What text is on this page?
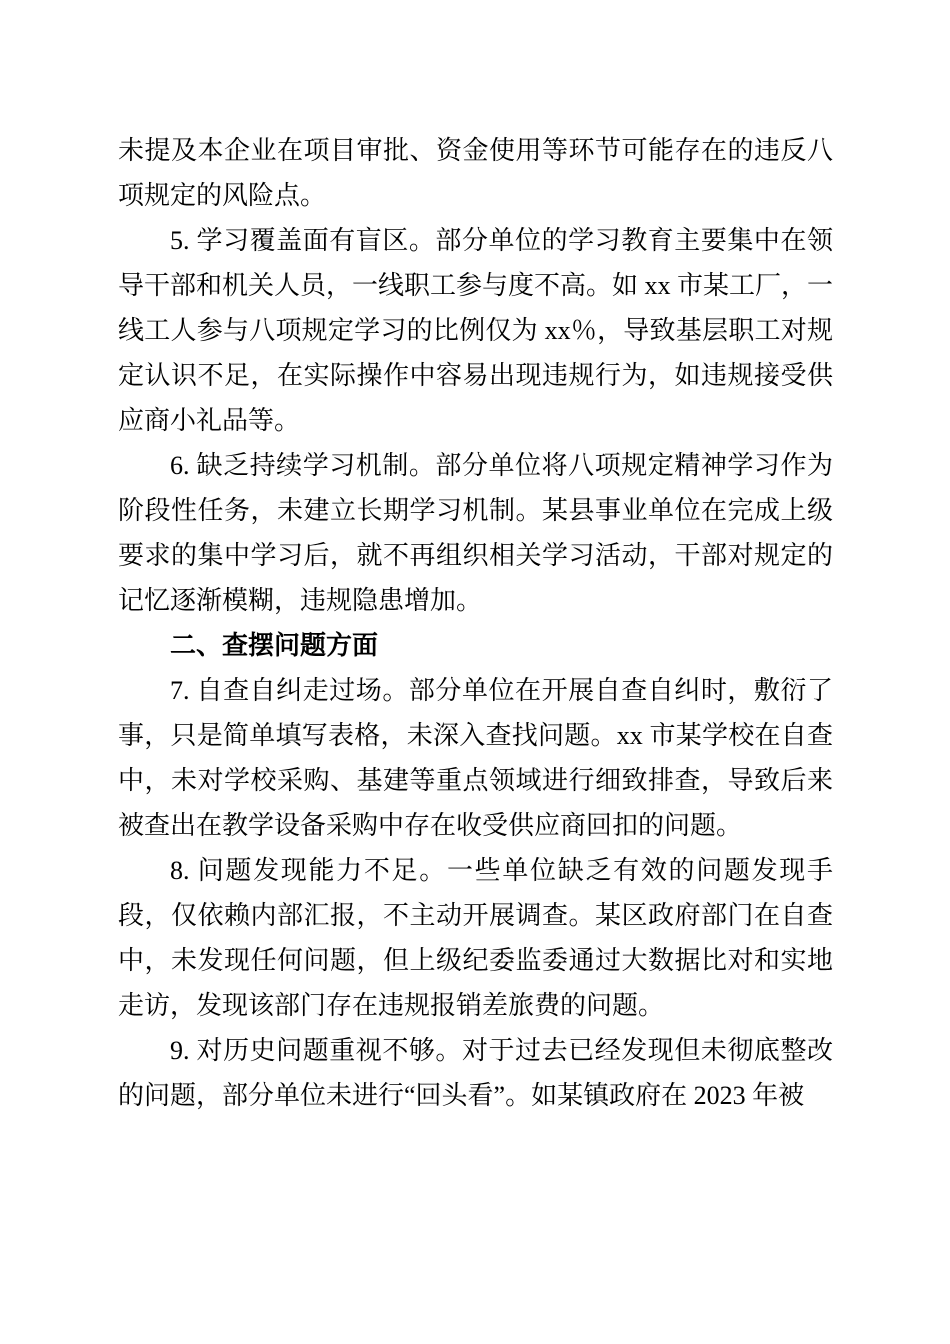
未提及本企业在项目审批、资金使用等环节可能存在的违反八项规定的风险点。

5. 学习覆盖面有盲区。部分单位的学习教育主要集中在领导干部和机关人员，一线职工参与度不高。如 xx 市某工厂，一线工人参与八项规定学习的比例仅为 xx％，导致基层职工对规定认识不足，在实际操作中容易出现违规行为，如违规接受供应商小礼品等。

6. 缺乏持续学习机制。部分单位将八项规定精神学习作为阶段性任务，未建立长期学习机制。某县事业单位在完成上级要求的集中学习后，就不再组织相关学习活动，干部对规定的记忆逐渐模糊，违规隐患增加。

二、查摆问题方面

7. 自查自纠走过场。部分单位在开展自查自纠时，敷衍了事，只是简单填写表格，未深入查找问题。xx 市某学校在自查中，未对学校采购、基建等重点领域进行细致排查，导致后来被查出在教学设备采购中存在收受供应商回扣的问题。

8. 问题发现能力不足。一些单位缺乏有效的问题发现手段，仅依赖内部汇报，不主动开展调查。某区政府部门在自查中，未发现任何问题，但上级纪委监委通过大数据比对和实地走访，发现该部门存在违规报销差旅费的问题。

9. 对历史问题重视不够。对于过去已经发现但未彻底整改的问题，部分单位未进行“回头看”。如某镇政府在 2023 年被
